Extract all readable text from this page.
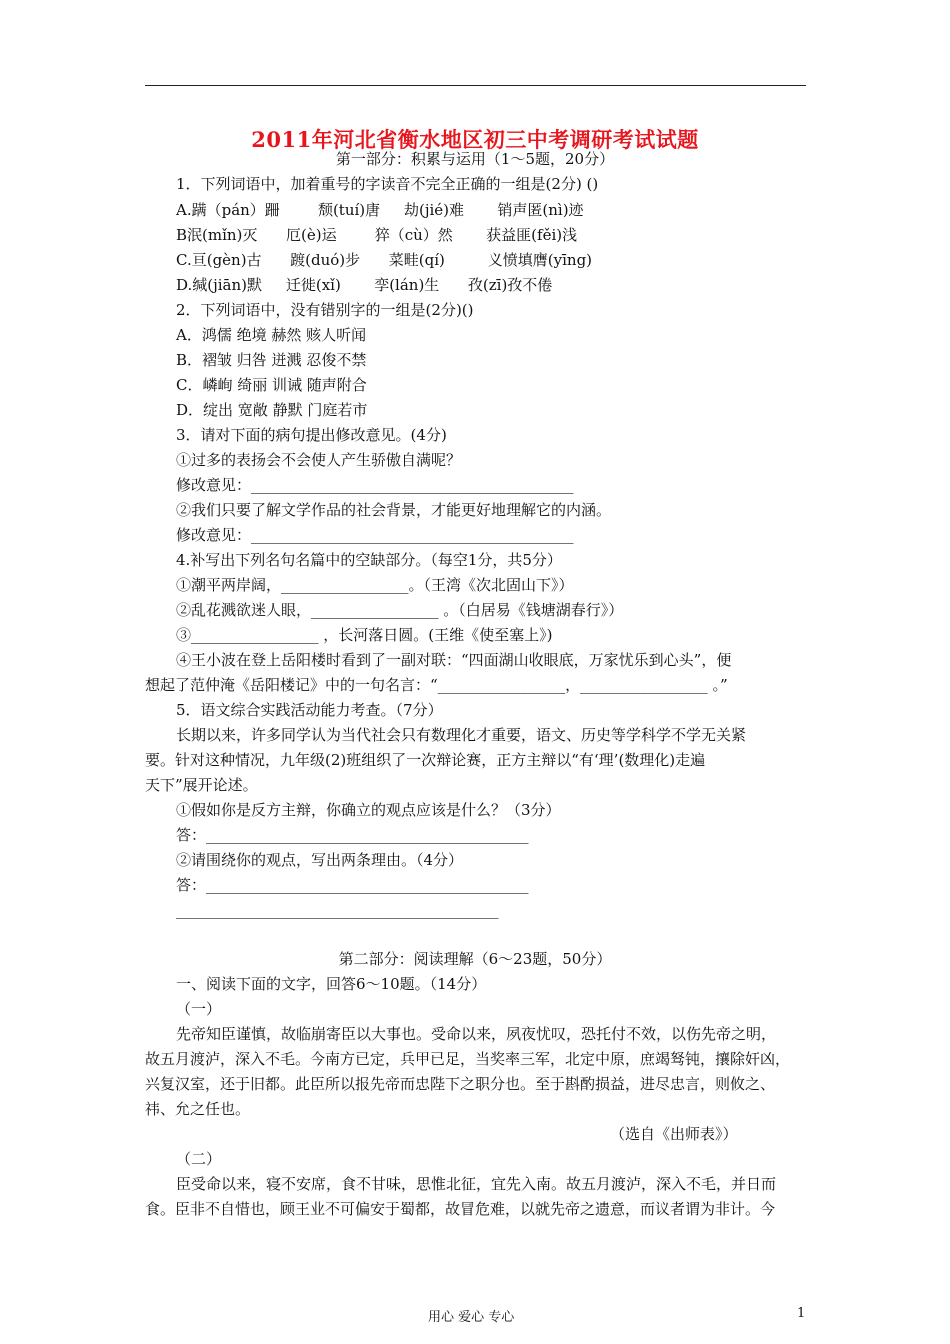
2011年河北省衡水地区初三中考调研考试试题
第一部分：积累与运用（1～5题，20分）
1．下列词语中，加着重号的字读音不完全正确的一组是(2分) ()
A.蹒（pán）跚        颓(tuí)唐     劫(jié)难       销声匿(nì)迹
B泯(mǐn)灭      厄(è)运        猝（cù）然       获益匪(fěi)浅
C.亘(gèn)古      踱(duó)步      菜畦(qí)         义愤填膺(yīng)
D.缄(jiān)默     迁徙(xǐ)       孪(lán)生      孜(zī)孜不倦
2．下列词语中，没有错别字的一组是(2分)()
A．鸿儒 绝境 赫然 赅人听闻
B．褶皱 归咎 迸溅 忍俊不禁
C．嶙峋 绮丽 训诫 随声附合
D．绽出 宽敞 静默 门庭若市
3．请对下面的病句提出修改意见。(4分)
①过多的表扬会不会使人产生骄傲自满呢？
修改意见：___________________________________________
②我们只要了解文学作品的社会背景，才能更好地理解它的内涵。
修改意见：___________________________________________
4.补写出下列名句名篇中的空缺部分。（每空1分，共5分）
①潮平两岸阔，_________________。（王湾《次北固山下》）
②乱花溅欲迷人眼，_________________ 。（白居易《钱塘湖春行》）
③_________________ ，长河落日圆。(王维《使至塞上》)
④王小波在登上岳阳楼时看到了一副对联：“四面湖山收眼底，万家忧乐到心头”，便
想起了范仲淹《岳阳楼记》中的一句名言：“_________________，_________________ 。”
5．语文综合实践活动能力考查。（7分）
长期以来，许多同学认为当代社会只有数理化才重要，语文、历史等学科学不学无关紧
要。针对这种情况，九年级(2)班组织了一次辩论赛，正方主辩以“有‘理’(数理化)走遍
天下”展开论述。
①假如你是反方主辩，你确立的观点应该是什么？（3分）
答：___________________________________________
②请围绕你的观点，写出两条理由。（4分）
答：___________________________________________
___________________________________________
第二部分：阅读理解（6～23题，50分）
一、阅读下面的文字，回答6～10题。（14分）
（一）
先帝知臣谨慎，故临崩寄臣以大事也。受命以来，夙夜忧叹，恐托付不效，以伤先帝之明，
故五月渡泸，深入不毛。今南方已定，兵甲已足，当奖率三军，北定中原，庶竭驽钝，攘除奸凶，
兴复汉室，还于旧都。此臣所以报先帝而忠陛下之职分也。至于斟酌损益，进尽忠言，则攸之、
祎、允之任也。
（选自《出师表》）
（二）
臣受命以来，寝不安席，食不甘味，思惟北征，宜先入南。故五月渡泸，深入不毛，并日而
食。臣非不自惜也，顾王业不可偏安于蜀都，故冒危难，以就先帝之遗意，而议者谓为非计。今
用心 爱心 专心	1
